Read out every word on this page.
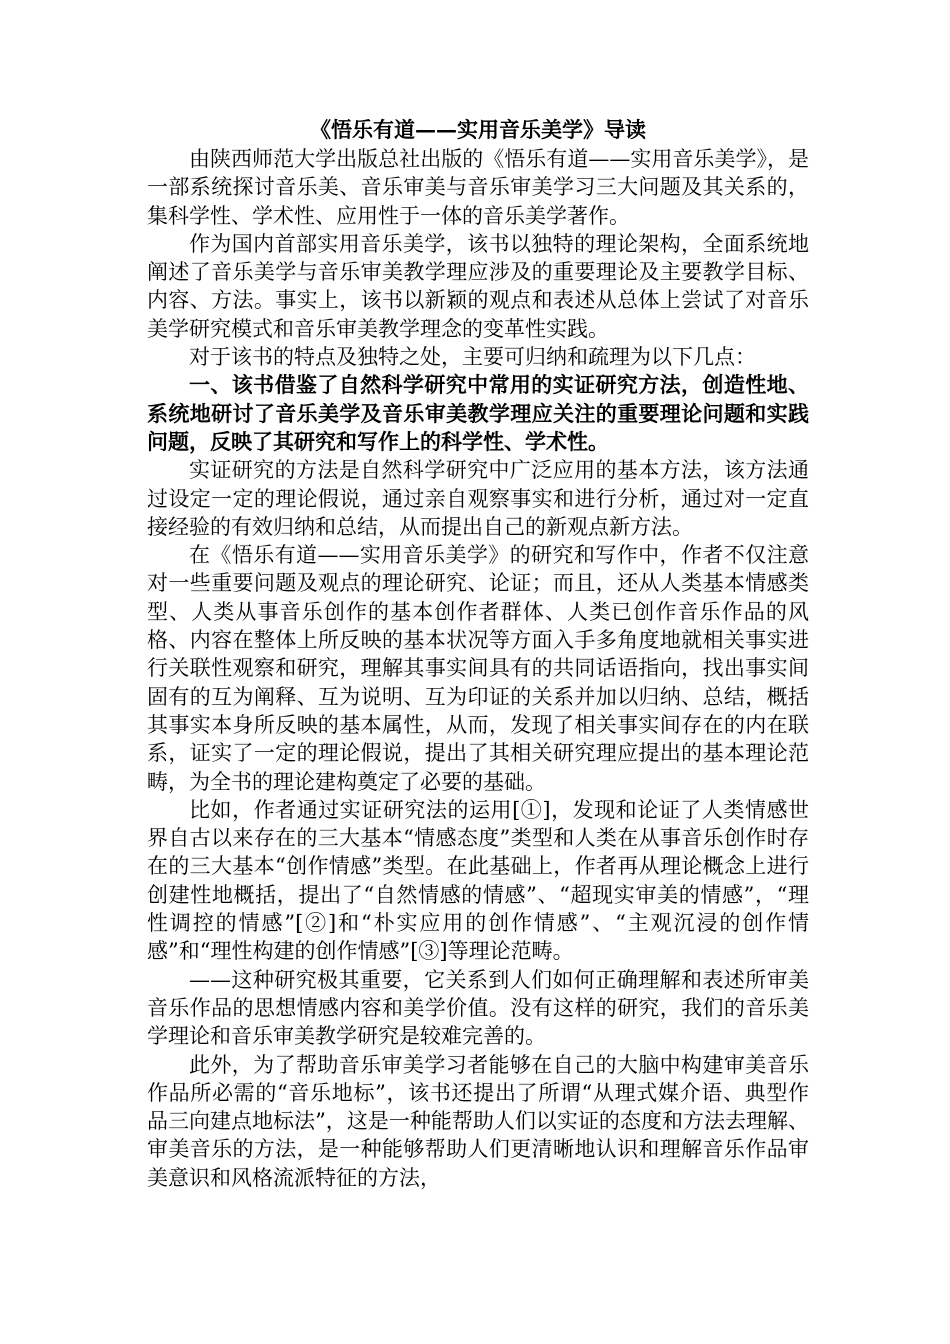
《悟乐有道——实用音乐美学》导读

由陕西师范大学出版总社出版的《悟乐有道——实用音乐美学》，是一部系统探讨音乐美、音乐审美与音乐审美学习三大问题及其关系的，集科学性、学术性、应用性于一体的音乐美学著作。

作为国内首部实用音乐美学，该书以独特的理论架构，全面系统地阐述了音乐美学与音乐审美教学理应涉及的重要理论及主要教学目标、内容、方法。事实上，该书以新颖的观点和表述从总体上尝试了对音乐美学研究模式和音乐审美教学理念的变革性实践。

对于该书的特点及独特之处，主要可归纳和疏理为以下几点：

一、该书借鉴了自然科学研究中常用的实证研究方法，创造性地、系统地研讨了音乐美学及音乐审美教学理应关注的重要理论问题和实践问题，反映了其研究和写作上的科学性、学术性。

实证研究的方法是自然科学研究中广泛应用的基本方法，该方法通过设定一定的理论假说，通过亲自观察事实和进行分析，通过对一定直接经验的有效归纳和总结，从而提出自己的新观点新方法。

在《悟乐有道——实用音乐美学》的研究和写作中，作者不仅注意对一些重要问题及观点的理论研究、论证；而且，还从人类基本情感类型、人类从事音乐创作的基本创作者群体、人类已创作音乐作品的风格、内容在整体上所反映的基本状况等方面入手多角度地就相关事实进行关联性观察和研究，理解其事实间具有的共同话语指向，找出事实间固有的互为阐释、互为说明、互为印证的关系并加以归纳、总结，概括其事实本身所反映的基本属性，从而，发现了相关事实间存在的内在联系，证实了一定的理论假说，提出了其相关研究理应提出的基本理论范畴，为全书的理论建构奠定了必要的基础。

比如，作者通过实证研究法的运用[①]，发现和论证了人类情感世界自古以来存在的三大基本“情感态度”类型和人类在从事音乐创作时存在的三大基本“创作情感”类型。在此基础上，作者再从理论概念上进行创建性地概括，提出了“自然情感的情感”、“超现实审美的情感”，“理性调控的情感”[②]和“朴实应用的创作情感”、“主观沉浸的创作情感”和“理性构建的创作情感”[③]等理论范畴。

——这种研究极其重要，它关系到人们如何正确理解和表述所审美音乐作品的思想情感内容和美学价值。没有这样的研究，我们的音乐美学理论和音乐审美教学研究是较难完善的。

此外，为了帮助音乐审美学习者能够在自己的大脑中构建审美音乐作品所必需的“音乐地标”，该书还提出了所谓“从理式媒介语、典型作品三向建点地标法”，这是一种能帮助人们以实证的态度和方法去理解、审美音乐的方法，是一种能够帮助人们更清晰地认识和理解音乐作品审美意识和风格流派特征的方法，
